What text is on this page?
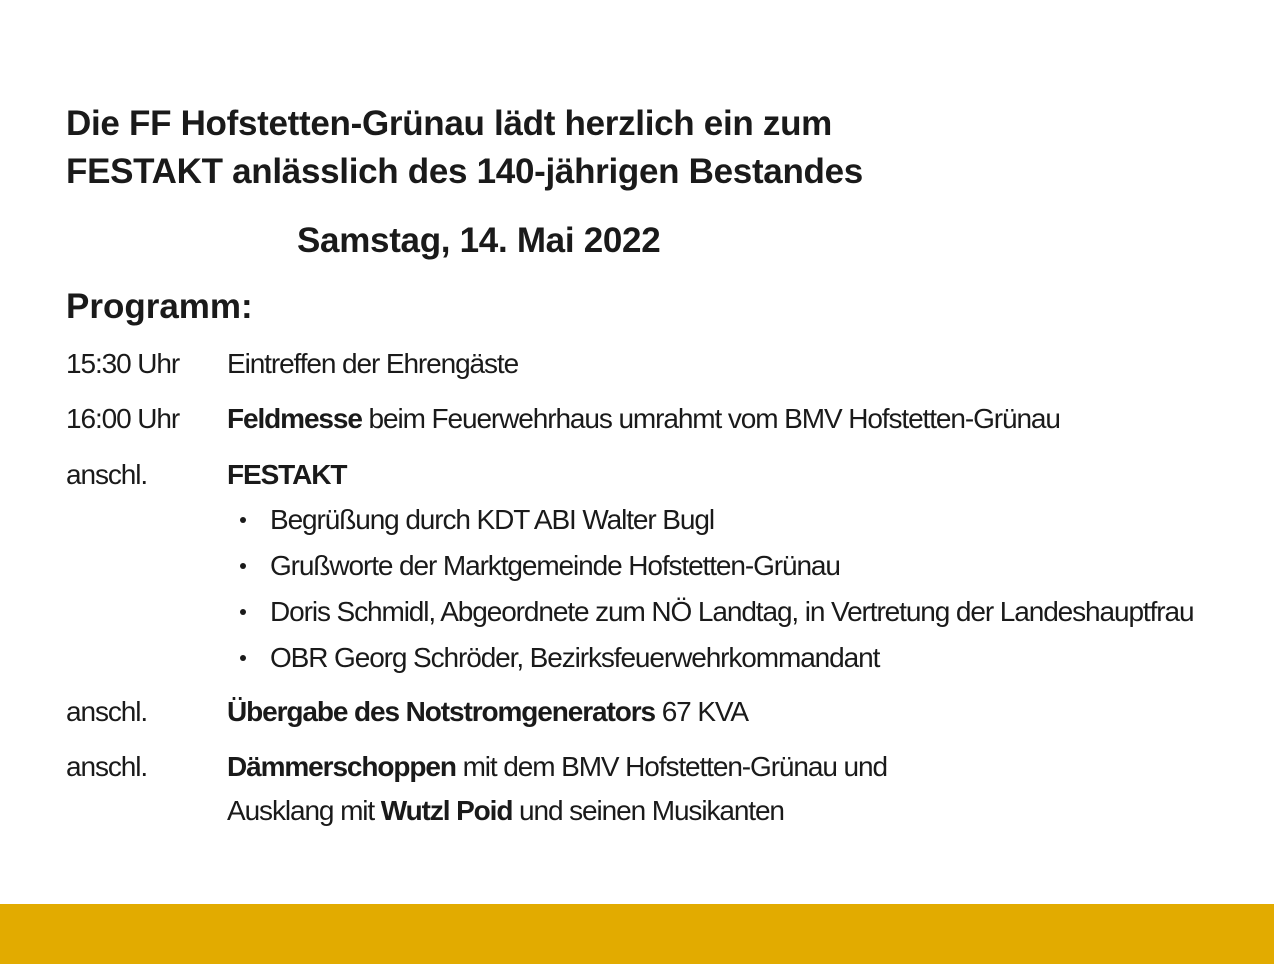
Die FF Hofstetten-Grünau lädt herzlich ein zum
FESTAKT anlässlich des 140-jährigen Bestandes
Samstag, 14. Mai 2022
Programm:
15:30 Uhr Eintreffen der Ehrengäste
16:00 Uhr Feldmesse beim Feuerwehrhaus umrahmt vom BMV Hofstetten-Grünau
anschl.	FESTAKT
Begrüßung durch KDT ABI Walter Bugl
Grußworte der Marktgemeinde Hofstetten-Grünau
Doris Schmidl, Abgeordnete zum NÖ Landtag, in Vertretung der Landeshauptfrau
OBR Georg Schröder, Bezirksfeuerwehrkommandant
anschl.	Übergabe des Notstromgenerators 67 KVA
anschl.	Dämmerschoppen mit dem BMV Hofstetten-Grünau und
Ausklang mit Wutzl Poid und seinen Musikanten
